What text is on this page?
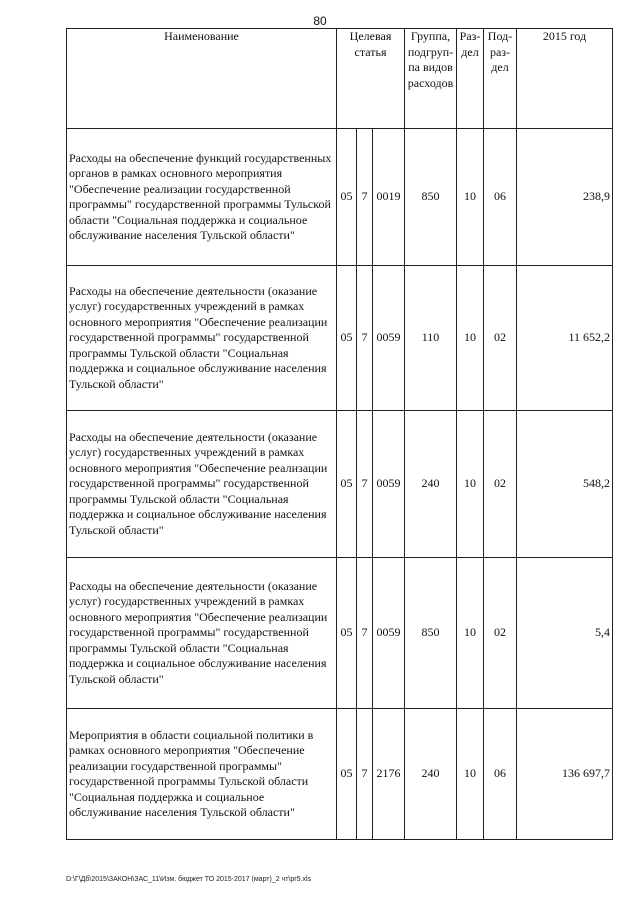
80
Наименование	Целевая статья			Группа, подгруп-па видов расходов	Раз-дел	Под-раз-дел	2015 год
Расходы на обеспечение функций государственных органов в рамках основного мероприятия "Обеспечение реализации государственной программы" государственной программы Тульской области "Социальная поддержка и социальное обслуживание населения Тульской области"	05	7	0019	850	10	06	238,9
Расходы на обеспечение деятельности (оказание услуг) государственных учреждений в рамках основного мероприятия "Обеспечение реализации государственной программы" государственной программы Тульской области "Социальная поддержка и социальное обслуживание населения Тульской области"	05	7	0059	110	10	02	11 652,2
Расходы на обеспечение деятельности (оказание услуг) государственных учреждений в рамках основного мероприятия "Обеспечение реализации государственной программы" государственной программы Тульской области "Социальная поддержка и социальное обслуживание населения Тульской области"	05	7	0059	240	10	02	548,2
Расходы на обеспечение деятельности (оказание услуг) государственных учреждений в рамках основного мероприятия "Обеспечение реализации государственной программы" государственной программы Тульской области "Социальная поддержка и социальное обслуживание населения Тульской области"	05	7	0059	850	10	02	5,4
Мероприятия в области социальной политики в рамках основного мероприятия "Обеспечение реализации государственной программы" государственной программы Тульской области "Социальная поддержка и социальное обслуживание населения Тульской области"	05	7	2176	240	10	06	136 697,7
D:\Г\Дб\2015\ЗАКОН\ЗАС_11\Изм. бюджет ТО 2015-2017 (март)_2 чт\pr5.xls
